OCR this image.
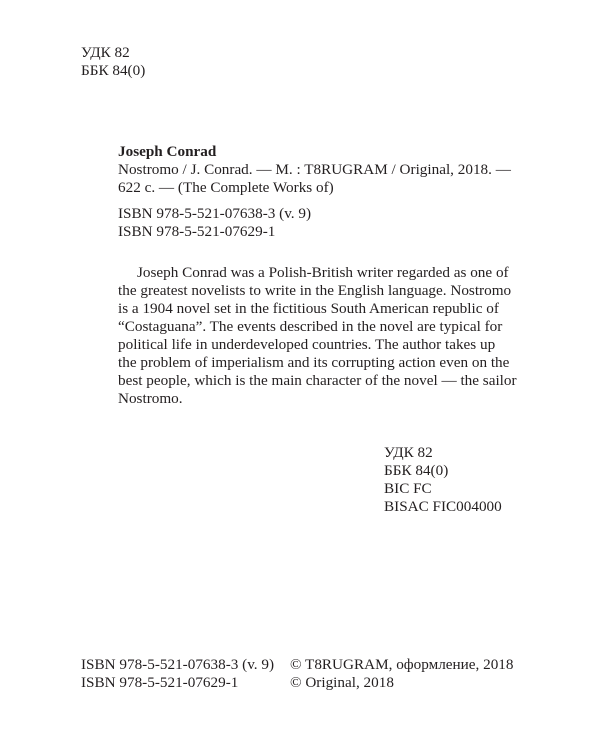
УДК 82
ББК 84(0)
Joseph Conrad
Nostromo / J. Conrad. — M. : T8RUGRAM / Original, 2018. —
622 с. — (The Complete Works of)
ISBN 978-5-521-07638-3 (v. 9)
ISBN 978-5-521-07629-1
Joseph Conrad was a Polish-British writer regarded as one of
the greatest novelists to write in the English language. Nostromo
is a 1904 novel set in the fictitious South American republic of
“Costaguana”. The events described in the novel are typical for
political life in underdeveloped countries. The author takes up
the problem of imperialism and its corrupting action even on the
best people, which is the main character of the novel — the sailor
Nostromo.
УДК 82
ББК 84(0)
BIC FC
BISAC FIC004000
ISBN 978-5-521-07638-3 (v. 9)
ISBN 978-5-521-07629-1
© T8RUGRAM, оформление, 2018
© Original, 2018
